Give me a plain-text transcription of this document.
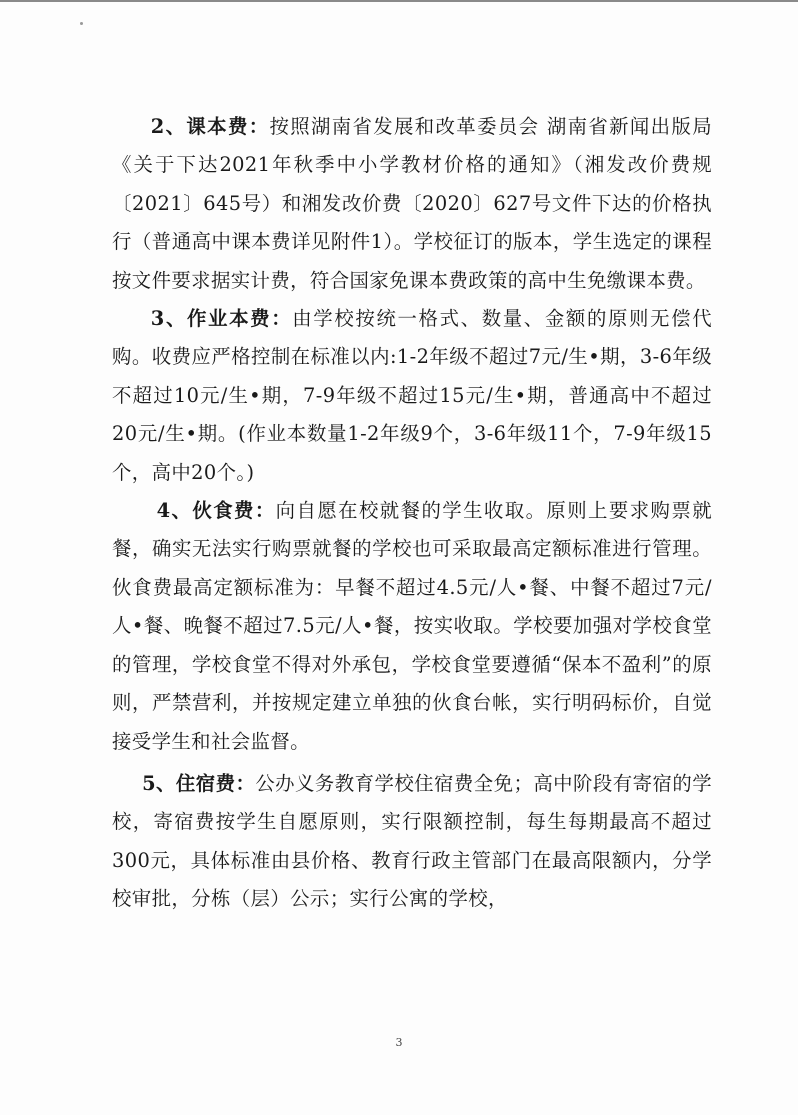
2、课本费：按照湖南省发展和改革委员会 湖南省新闻出版局《关于下达2021年秋季中小学教材价格的通知》（湘发改价费规〔2021〕645号）和湘发改价费〔2020〕627号文件下达的价格执行（普通高中课本费详见附件1）。学校征订的版本，学生选定的课程按文件要求据实计费，符合国家免课本费政策的高中生免缴课本费。

3、作业本费：由学校按统一格式、数量、金额的原则无偿代购。收费应严格控制在标准以内:1-2年级不超过7元/生•期，3-6年级不超过10元/生•期，7-9年级不超过15元/生•期，普通高中不超过20元/生•期。(作业本数量1-2年级9个，3-6年级11个，7-9年级15个，高中20个。)

4、伙食费：向自愿在校就餐的学生收取。原则上要求购票就餐，确实无法实行购票就餐的学校也可采取最高定额标准进行管理。伙食费最高定额标准为：早餐不超过4.5元/人•餐、中餐不超过7元/人•餐、晚餐不超过7.5元/人•餐，按实收取。学校要加强对学校食堂的管理，学校食堂不得对外承包，学校食堂要遵循“保本不盈利”的原则，严禁营利，并按规定建立单独的伙食台帐，实行明码标价，自觉接受学生和社会监督。

5、住宿费：公办义务教育学校住宿费全免；高中阶段有寄宿的学校，寄宿费按学生自愿原则，实行限额控制，每生每期最高不超过300元，具体标准由县价格、教育行政主管部门在最高限额内，分学校审批，分栋（层）公示；实行公寓的学校，

3
